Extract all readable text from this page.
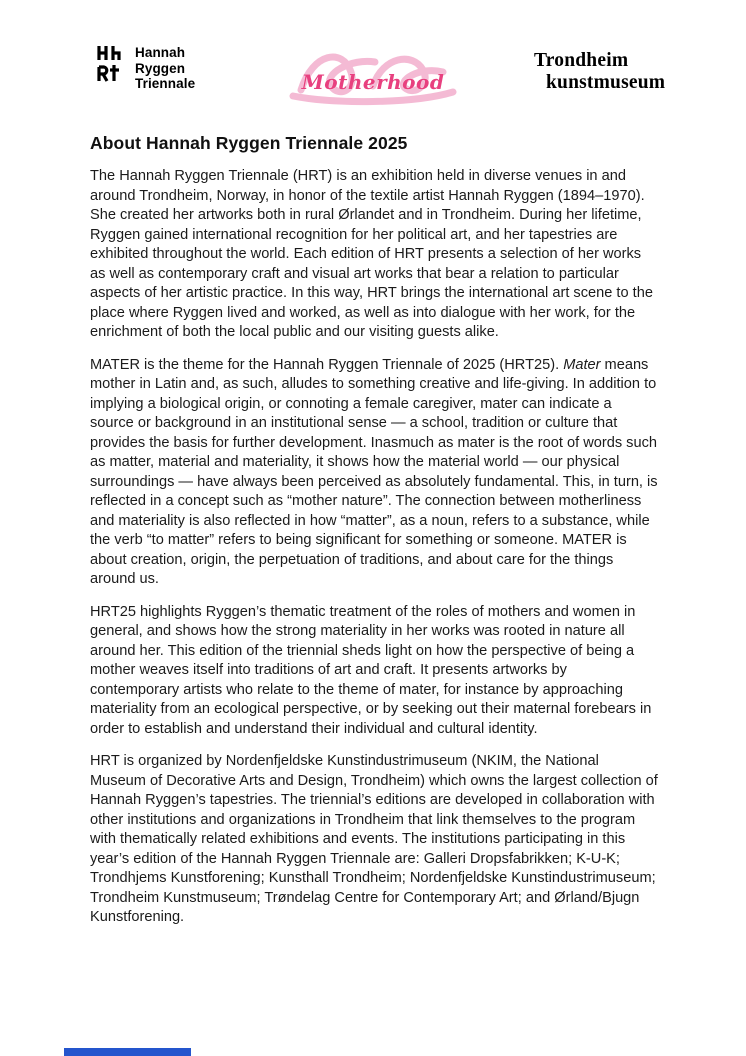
Hannah
Ryggen
Triennale	Motherhood
Trondheim
kunstmuseum
About Hannah Ryggen Triennale 2025

The Hannah Ryggen Triennale (HRT) is an exhibition held in diverse venues in and around Trondheim, Norway, in honor of the textile artist Hannah Ryggen (1894–1970). She created her artworks both in rural Ørlandet and in Trondheim. During her lifetime, Ryggen gained international recognition for her political art, and her tapestries are exhibited throughout the world. Each edition of HRT presents a selection of her works as well as contemporary craft and visual art works that bear a relation to particular aspects of her artistic practice. In this way, HRT brings the international art scene to the place where Ryggen lived and worked, as well as into dialogue with her work, for the enrichment of both the local public and our visiting guests alike.

MATER is the theme for the Hannah Ryggen Triennale of 2025 (HRT25). Mater means mother in Latin and, as such, alludes to something creative and life-giving. In addition to implying a biological origin, or connoting a female caregiver, mater can indicate a source or background in an institutional sense — a school, tradition or culture that provides the basis for further development. Inasmuch as mater is the root of words such as matter, material and materiality, it shows how the material world — our physical surroundings — have always been perceived as absolutely fundamental. This, in turn, is reflected in a concept such as “mother nature”. The connection between motherliness and materiality is also reflected in how “matter”, as a noun, refers to a substance, while the verb “to matter” refers to being significant for something or someone. MATER is about creation, origin, the perpetuation of traditions, and about care for the things around us.

HRT25 highlights Ryggen’s thematic treatment of the roles of mothers and women in general, and shows how the strong materiality in her works was rooted in nature all around her. This edition of the triennial sheds light on how the perspective of being a mother weaves itself into traditions of art and craft. It presents artworks by contemporary artists who relate to the theme of mater, for instance by approaching materiality from an ecological perspective, or by seeking out their maternal forebears in order to establish and understand their individual and cultural identity.

HRT is organized by Nordenfjeldske Kunstindustrimuseum (NKIM, the National Museum of Decorative Arts and Design, Trondheim) which owns the largest collection of Hannah Ryggen’s tapestries. The triennial’s editions are developed in collaboration with other institutions and organizations in Trondheim that link themselves to the program with thematically related exhibitions and events. The institutions participating in this year’s edition of the Hannah Ryggen Triennale are: Galleri Dropsfabrikken; K-U-K; Trondhjems Kunstforening; Kunsthall Trondheim; Nordenfjeldske Kunstindustrimuseum; Trondheim Kunstmuseum; Trøndelag Centre for Contemporary Art; and Ørland/Bjugn Kunstforening.
